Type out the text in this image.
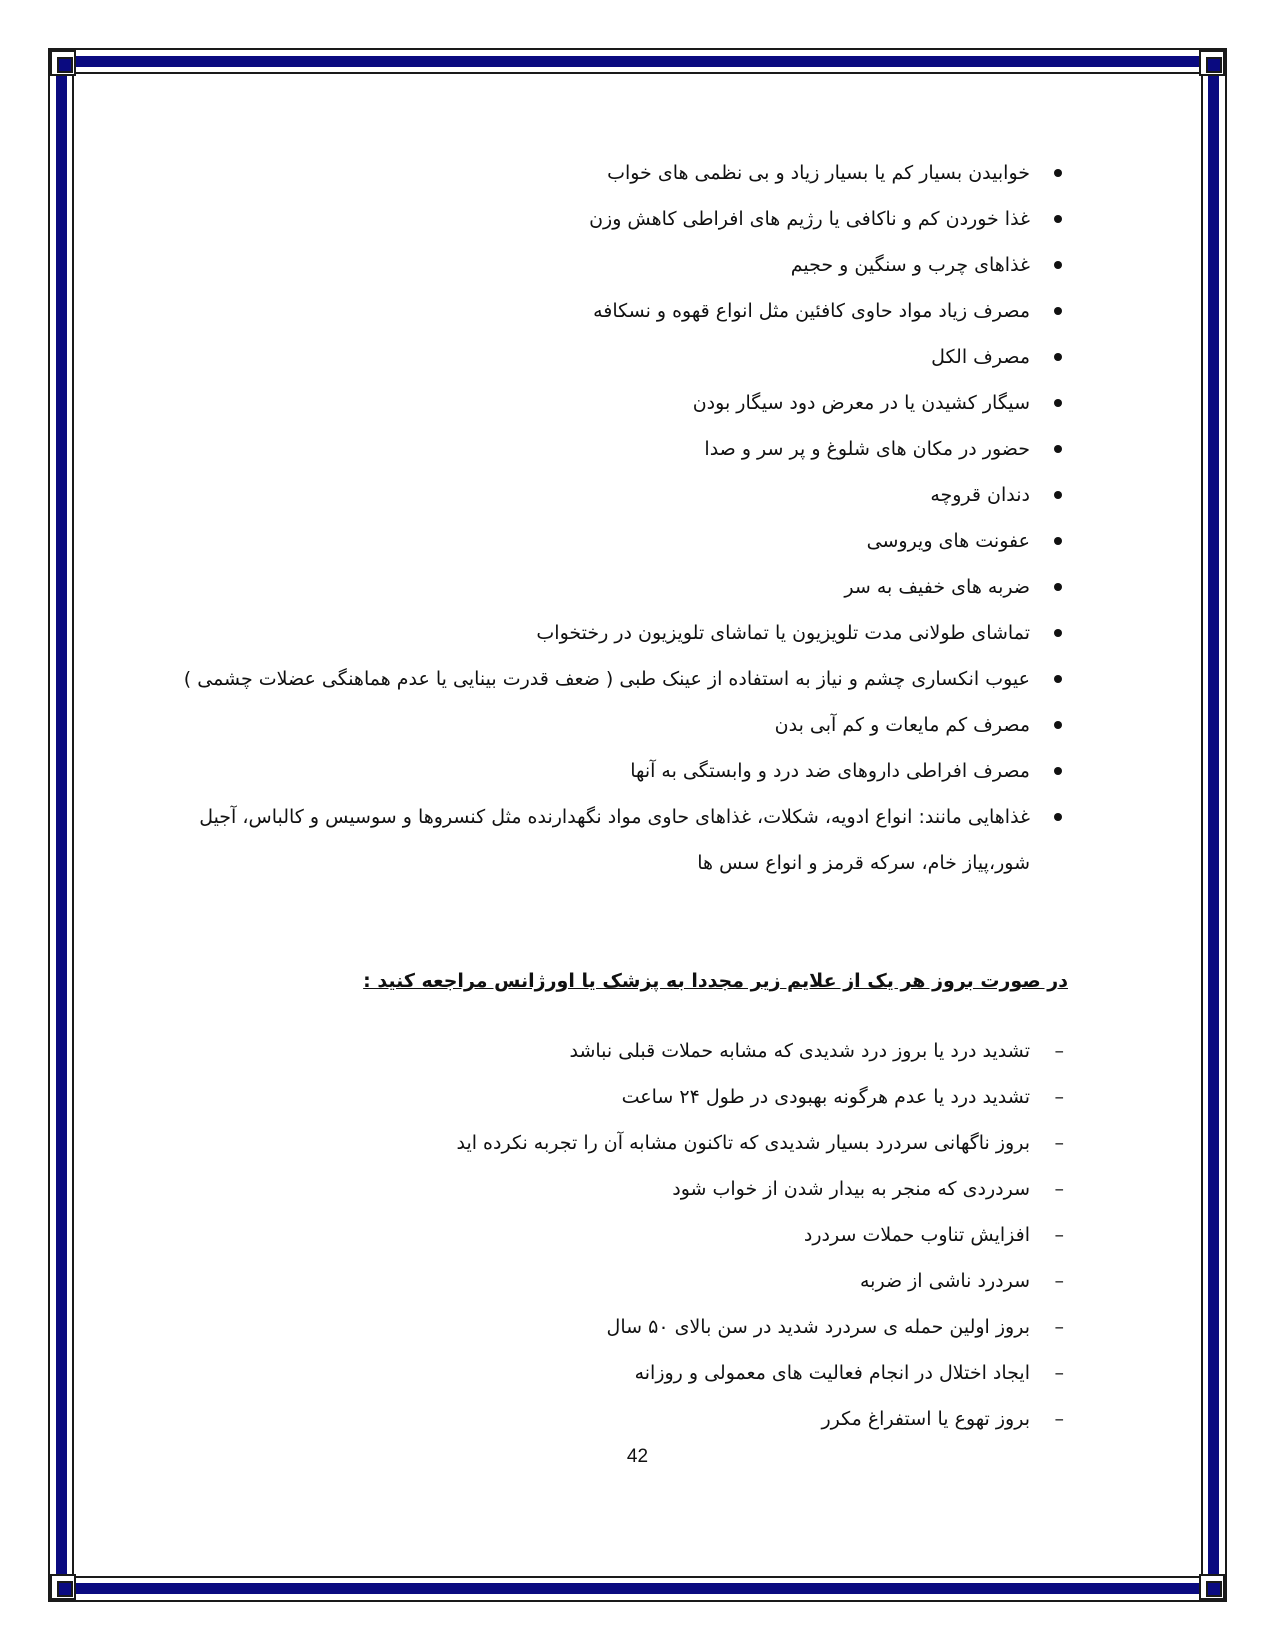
خوابیدن بسیار کم یا بسیار زیاد و بی نظمی های خواب
غذا خوردن کم و ناکافی یا رژیم های افراطی کاهش وزن
غذاهای چرب و سنگین و حجیم
مصرف زیاد مواد حاوی کافئین مثل انواع قهوه و نسکافه
مصرف الکل
سیگار کشیدن یا در معرض دود سیگار بودن
حضور در مکان های شلوغ و پر سر و صدا
دندان قروچه
عفونت های ویروسی
ضربه های خفیف به سر
تماشای طولانی مدت تلویزیون یا تماشای تلویزیون در رختخواب
عیوب انکساری چشم و نیاز به استفاده از عینک طبی ( ضعف قدرت بینایی یا عدم هماهنگی عضلات چشمی )
مصرف کم مایعات و کم آبی بدن
مصرف افراطی داروهای ضد درد و وابستگی به آنها
غذاهایی مانند: انواع ادویه، شکلات، غذاهای حاوی مواد نگهدارنده مثل کنسروها و سوسیس و کالباس، آجیل شور،پیاز خام، سرکه قرمز و انواع سس ها
در صورت بروز هر یک از علایم زیر مجددا به پزشک یا اورژانس مراجعه کنید :
– تشدید درد یا بروز درد شدیدی که مشابه حملات قبلی نباشد
– تشدید درد یا عدم هرگونه بهبودی در طول ۲۴ ساعت
– بروز ناگهانی سردرد بسیار شدیدی که تاکنون مشابه آن را تجربه نکرده اید
– سردردی که منجر به بیدار شدن از خواب شود
– افزایش تناوب حملات سردرد
– سردرد ناشی از ضربه
– بروز اولین حمله ی سردرد شدید در سن بالای ۵۰ سال
– ایجاد اختلال در انجام فعالیت های معمولی و روزانه
– بروز تهوع یا استفراغ مکرر
42
